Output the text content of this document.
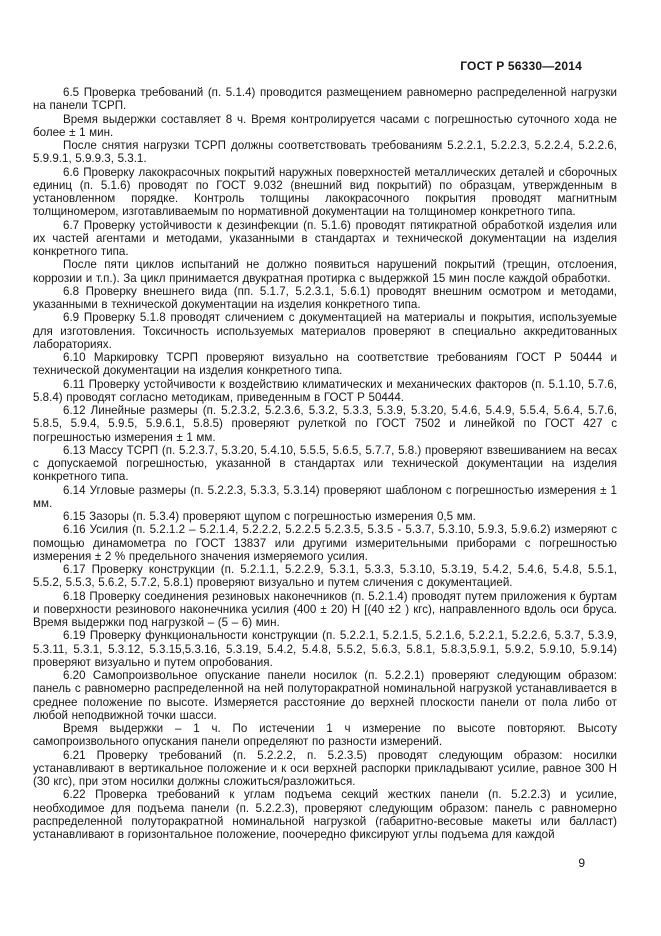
ГОСТ Р 56330—2014

6.5 Проверка требований (п. 5.1.4) проводится размещением равномерно распределенной нагрузки на панели ТСРП.

Время выдержки составляет 8 ч. Время контролируется часами с погрешностью суточного хода не более ± 1 мин.

После снятия нагрузки ТСРП должны соответствовать требованиям 5.2.2.1, 5.2.2.3, 5.2.2.4, 5.2.2.6, 5.9.9.1, 5.9.9.3, 5.3.1.

6.6 Проверку лакокрасочных покрытий наружных поверхностей металлических деталей и сборочных единиц (п. 5.1.6) проводят по ГОСТ 9.032 (внешний вид покрытий) по образцам, утвержденным в установленном порядке. Контроль толщины лакокрасочного покрытия проводят магнитным толщиномером, изготавливаемым по нормативной документации на толщиномер конкретного типа.

6.7 Проверку устойчивости к дезинфекции (п. 5.1.6) проводят пятикратной обработкой изделия или их частей агентами и методами, указанными в стандартах и технической документации на изделия конкретного типа.

После пяти циклов испытаний не должно появиться нарушений покрытий (трещин, отслоения, коррозии и т.п.). За цикл принимается двукратная протирка с выдержкой 15 мин после каждой обработки.

6.8 Проверку внешнего вида (пп. 5.1.7, 5.2.3.1, 5.6.1) проводят внешним осмотром и методами, указанными в технической документации на изделия конкретного типа.

6.9 Проверку 5.1.8 проводят сличением с документацией на материалы и покрытия, используемые для изготовления. Токсичность используемых материалов проверяют в специально аккредитованных лабораториях.

6.10 Маркировку ТСРП проверяют визуально на соответствие требованиям ГОСТ Р 50444 и технической документации на изделия конкретного типа.

6.11 Проверку устойчивости к воздействию климатических и механических факторов (п. 5.1.10, 5.7.6, 5.8.4) проводят согласно методикам, приведенным в ГОСТ Р 50444.

6.12 Линейные размеры (п. 5.2.3.2, 5.2.3.6, 5.3.2, 5.3.3, 5.3.9, 5.3.20, 5.4.6, 5.4.9, 5.5.4, 5.6.4, 5.7.6, 5.8.5, 5.9.4, 5.9.5, 5.9.6.1, 5.8.5) проверяют рулеткой по ГОСТ 7502 и линейкой по ГОСТ 427 с погрешностью измерения ± 1 мм.

6.13 Массу ТСРП (п. 5.2.3.7, 5.3.20, 5.4.10, 5.5.5, 5.6.5, 5.7.7, 5.8.) проверяют взвешиванием на весах с допускаемой погрешностью, указанной в стандартах или технической документации на изделия конкретного типа.

6.14 Угловые размеры (п. 5.2.2.3, 5.3.3, 5.3.14) проверяют шаблоном с погрешностью измерения ± 1 мм.

6.15 Зазоры (п. 5.3.4) проверяют щупом с погрешностью измерения 0,5 мм.

6.16 Усилия (п. 5.2.1.2 – 5.2.1.4, 5.2.2.2, 5.2.2.5 5.2.3.5, 5.3.5 - 5.3.7, 5.3.10, 5.9.3, 5.9.6.2) измеряют с помощью динамометра по ГОСТ 13837 или другими измерительными приборами с погрешностью измерения ± 2 % предельного значения измеряемого усилия.

6.17 Проверку конструкции (п. 5.2.1.1, 5.2.2.9, 5.3.1, 5.3.3, 5.3.10, 5.3.19, 5.4.2, 5.4.6, 5.4.8, 5.5.1, 5.5.2, 5.5.3, 5.6.2, 5.7.2, 5.8.1) проверяют визуально и путем сличения с документацией.

6.18 Проверку соединения резиновых наконечников (п. 5.2.1.4) проводят путем приложения к буртам и поверхности резинового наконечника усилия (400 ± 20) Н [(40 ±2 ) кгс), направленного вдоль оси бруса. Время выдержки под нагрузкой – (5 – 6) мин.

6.19 Проверку функциональности конструкции (п. 5.2.2.1, 5.2.1.5, 5.2.1.6, 5.2.2.1, 5.2.2.6, 5.3.7, 5.3.9, 5.3.11, 5.3.1, 5.3.12, 5.3.15,5.3.16, 5.3.19, 5.4.2, 5.4.8, 5.5.2, 5.6.3, 5.8.1, 5.8.3,5.9.1, 5.9.2, 5.9.10, 5.9.14) проверяют визуально и путем опробования.

6.20 Самопроизвольное опускание панели носилок (п. 5.2.2.1) проверяют следующим образом: панель с равномерно распределенной на ней полуторакратной номинальной нагрузкой устанавливается в среднее положение по высоте. Измеряется расстояние до верхней плоскости панели от пола либо от любой неподвижной точки шасси.

Время выдержки – 1 ч. По истечении 1 ч измерение по высоте повторяют. Высоту самопроизвольного опускания панели определяют по разности измерений.

6.21 Проверку требований (п. 5.2.2.2, п. 5.2.3.5) проводят следующим образом: носилки устанавливают в вертикальное положение и к оси верхней распорки прикладывают усилие, равное 300 Н (30 кгс), при этом носилки должны сложиться/разложиться.

6.22 Проверка требований к углам подъема секций жестких панели (п. 5.2.2.3) и усилие, необходимое для подъема панели (п. 5.2.2.3), проверяют следующим образом: панель с равномерно распределенной полуторакратной номинальной нагрузкой (габаритно-весовые макеты или балласт) устанавливают в горизонтальное положение, поочередно фиксируют углы подъема для каждой

9
